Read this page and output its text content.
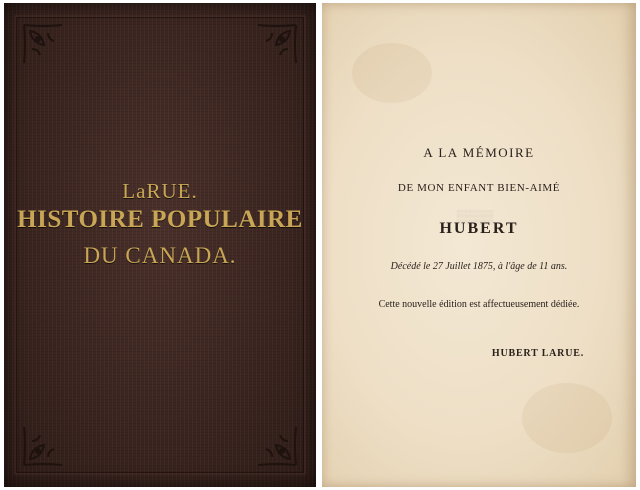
LaRUE.
HISTOIRE POPULAIRE
DU CANADA.
▒▒▒▒
A LA MÉMOIRE
DE MON ENFANT BIEN-AIMÉ
HUBERT
Décédé le 27 Juillet 1875, à l'âge de 11 ans.
Cette nouvelle édition est affectueusement dédiée.
HUBERT LARUE.
